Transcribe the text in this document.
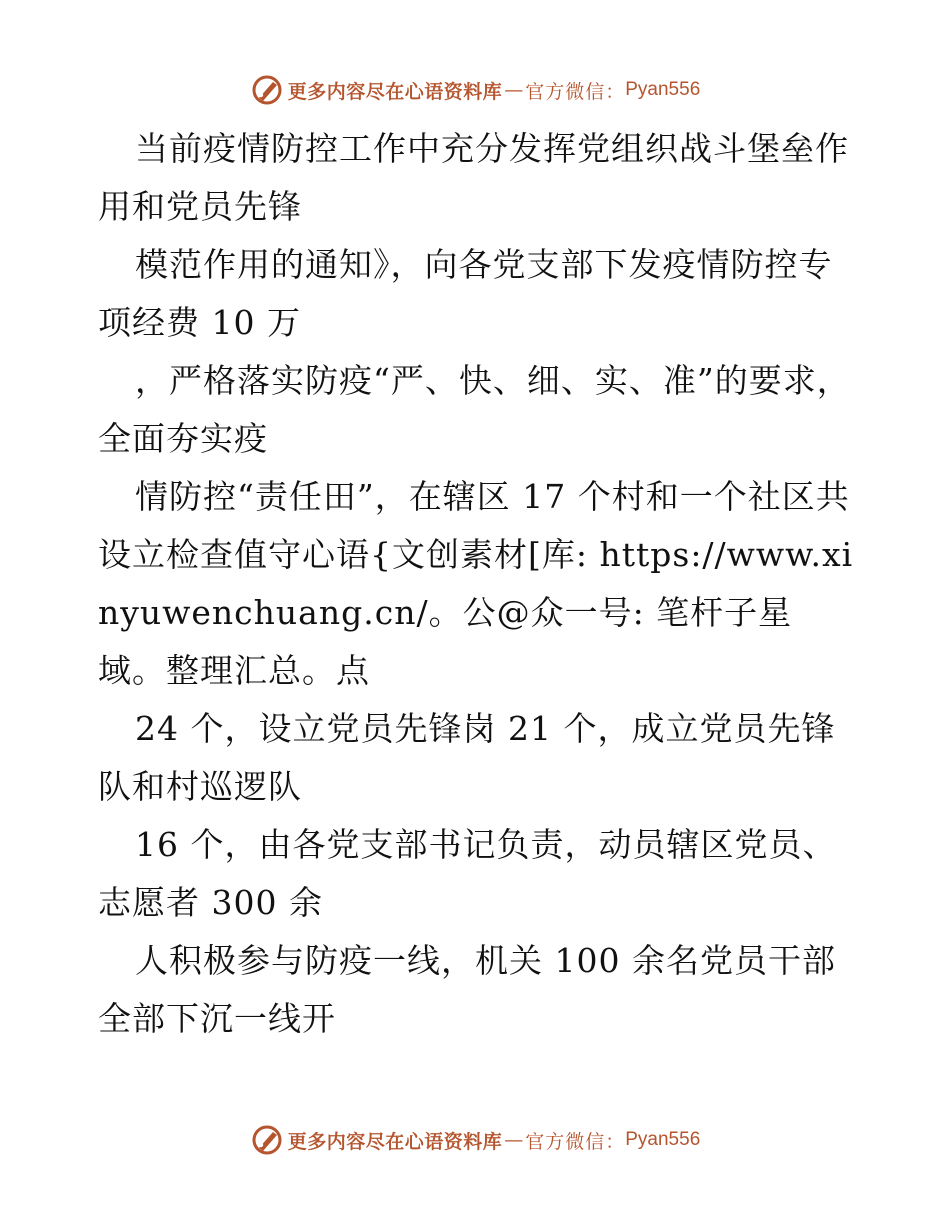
更多内容尽在心语资料库 — 官方微信： Pyan556

当前疫情防控工作中充分发挥党组织战斗堡垒作用和党员先锋

模范作用的通知》，向各党支部下发疫情防控专项经费 10 万

，严格落实防疫“严、快、细、实、准”的要求，全面夯实疫

情防控“责任田”，在辖区 17 个村和一个社区共设立检查值守心语{文创素材[库: https://www.xinyuwenchuang.cn/。公@众一号: 笔杆子星域。整理汇总。点

24 个，设立党员先锋岗 21 个，成立党员先锋队和村巡逻队

16 个，由各党支部书记负责，动员辖区党员、志愿者 300 余

人积极参与防疫一线，机关 100 余名党员干部全部下沉一线开

更多内容尽在心语资料库 — 官方微信： Pyan556
